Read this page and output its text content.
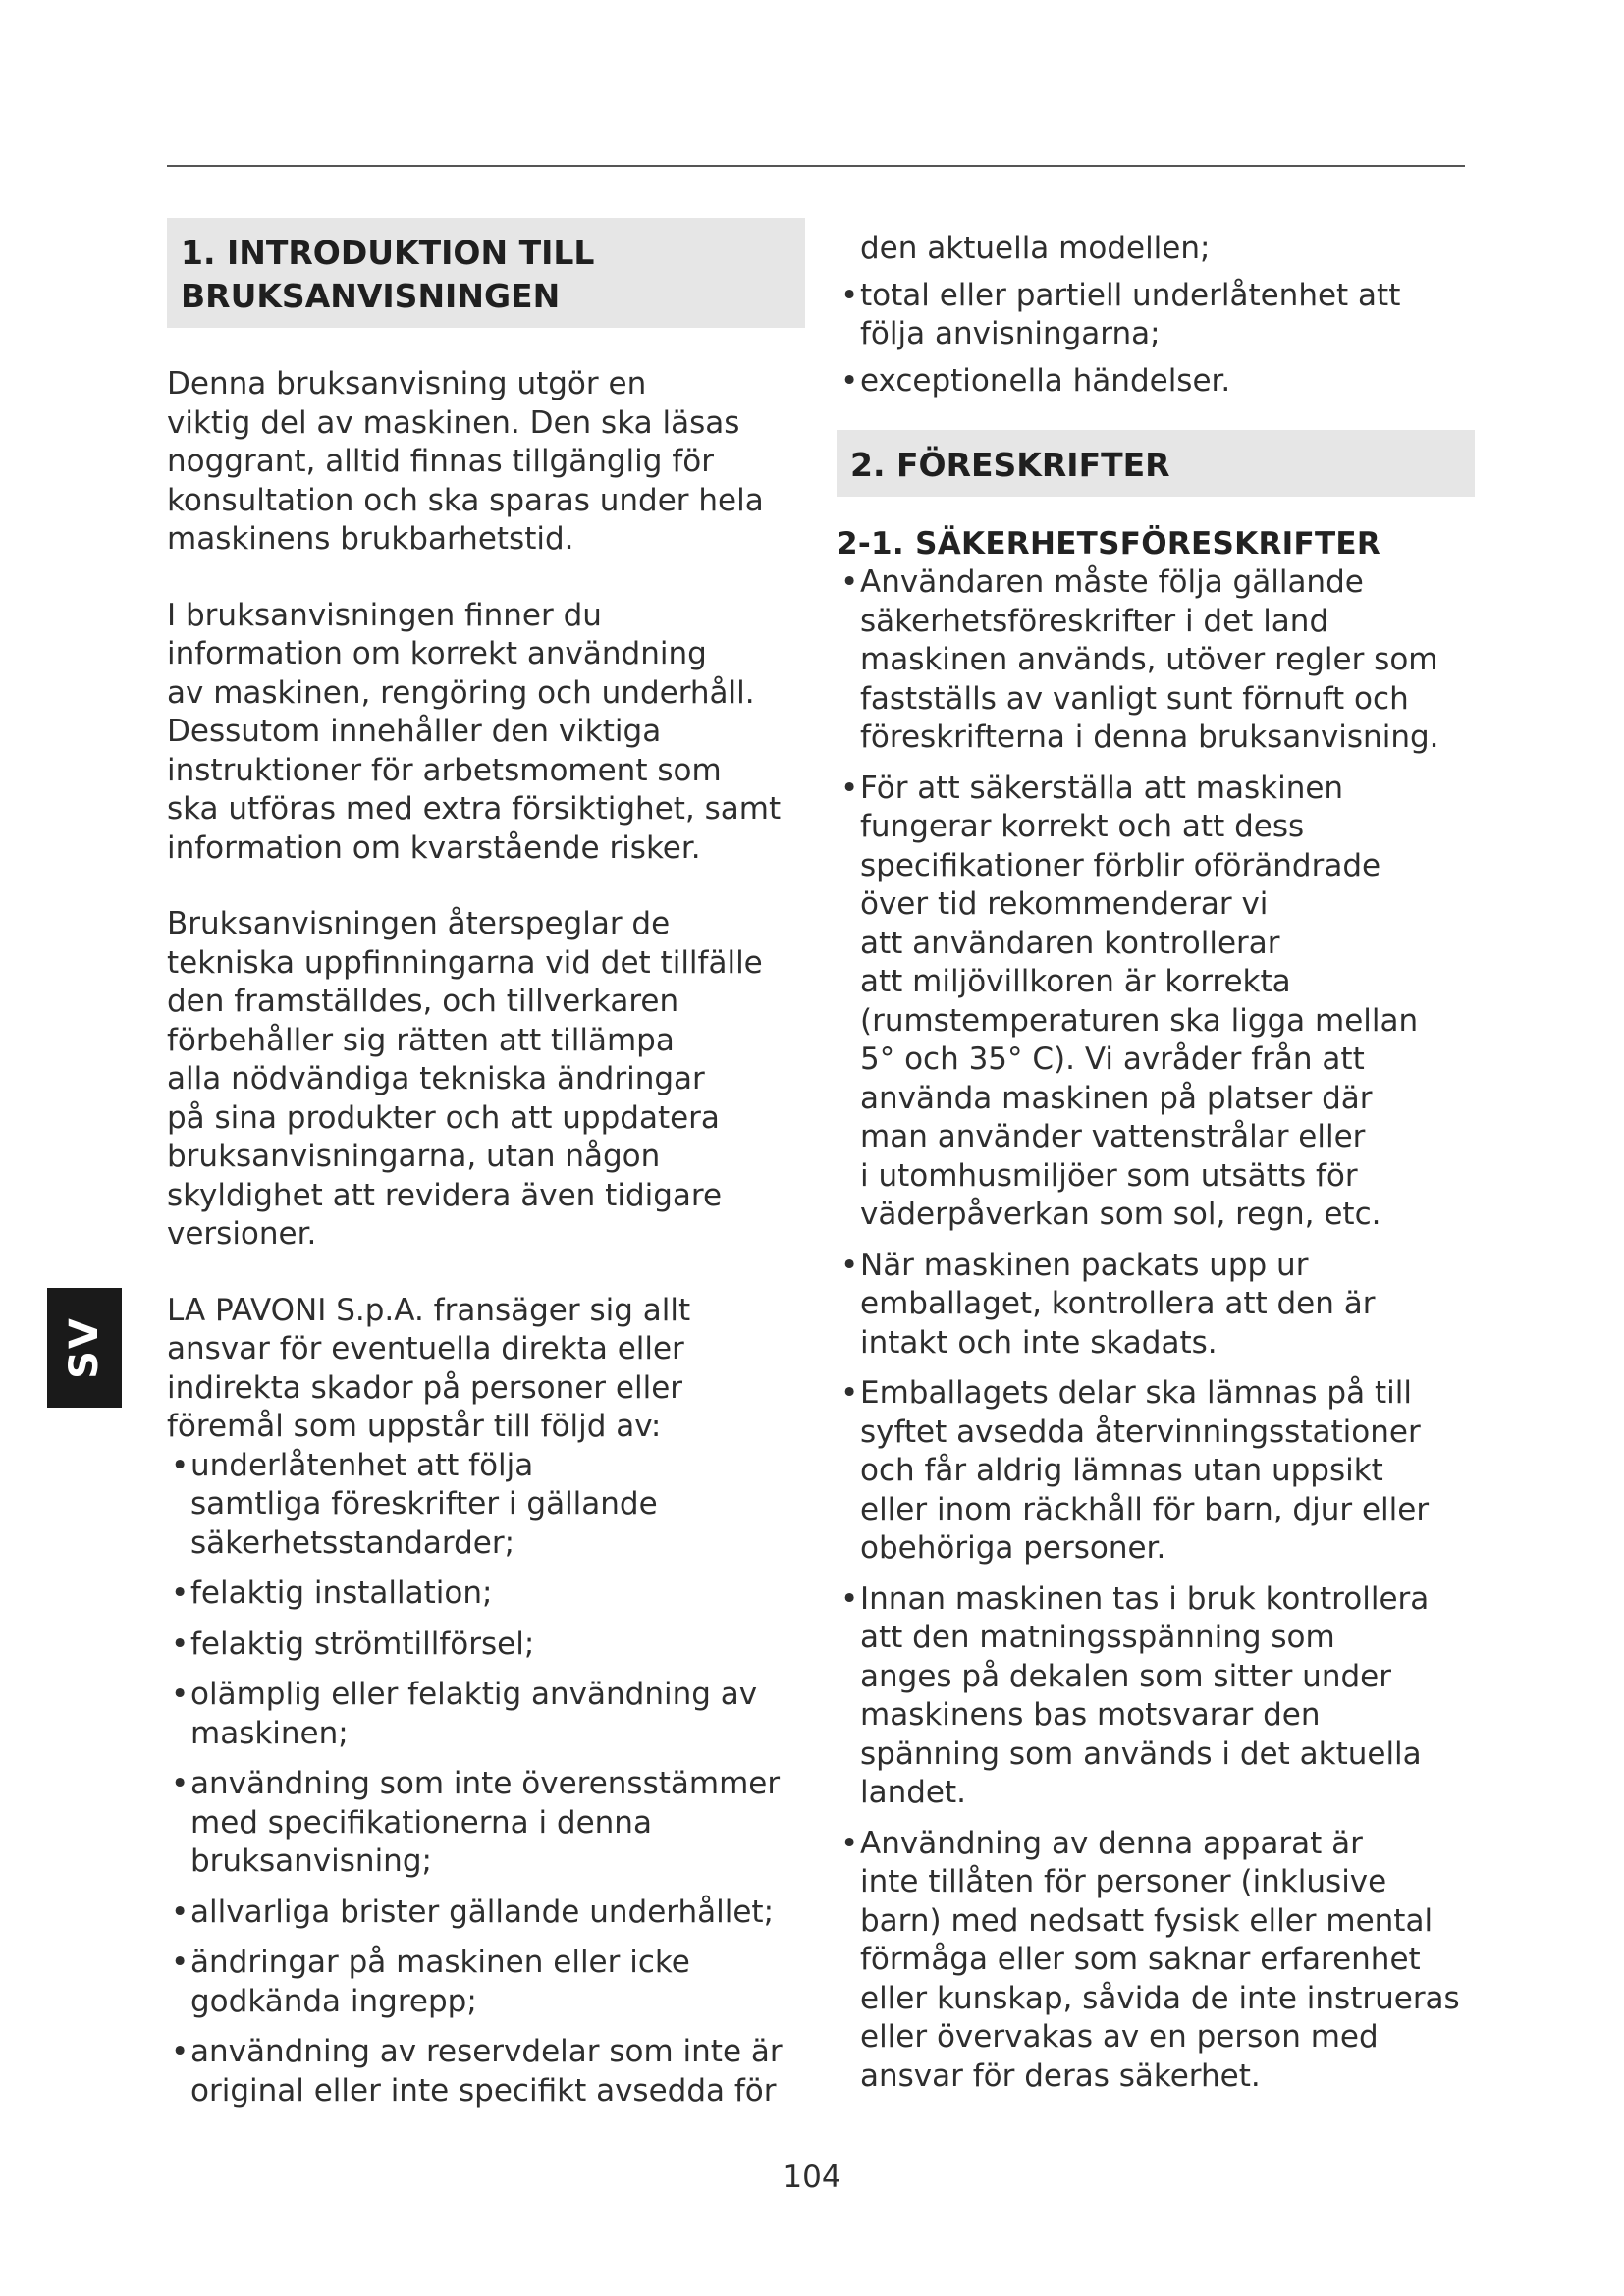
SV
1. INTRODUKTION TILL
BRUKSANVISNINGEN

Denna bruksanvisning utgör en
viktig del av maskinen. Den ska läsas
noggrant, alltid finnas tillgänglig för
konsultation och ska sparas under hela
maskinens brukbarhetstid.

I bruksanvisningen finner du
information om korrekt användning
av maskinen, rengöring och underhåll.
Dessutom innehåller den viktiga
instruktioner för arbetsmoment som
ska utföras med extra försiktighet, samt
information om kvarstående risker.

Bruksanvisningen återspeglar de
tekniska uppfinningarna vid det tillfälle
den framställdes, och tillverkaren
förbehåller sig rätten att tillämpa
alla nödvändiga tekniska ändringar
på sina produkter och att uppdatera
bruksanvisningarna, utan någon
skyldighet att revidera även tidigare
versioner.

LA PAVONI S.p.A. fransäger sig allt
ansvar för eventuella direkta eller
indirekta skador på personer eller
föremål som uppstår till följd av:

•underlåtenhet att följa
samtliga föreskrifter i gällande
säkerhetsstandarder;
•felaktig installation;
•felaktig strömtillförsel;
•olämplig eller felaktig användning av
maskinen;
•användning som inte överensstämmer
med specifikationerna i denna
bruksanvisning;
•allvarliga brister gällande underhållet;
•ändringar på maskinen eller icke
godkända ingrepp;
•användning av reservdelar som inte är
original eller inte specifikt avsedda för
den aktuella modellen;
•total eller partiell underlåtenhet att
följa anvisningarna;
•exceptionella händelser.
2. FÖRESKRIFTER

2-1. SÄKERHETSFÖRESKRIFTER

•Användaren måste följa gällande
säkerhetsföreskrifter i det land
maskinen används, utöver regler som
fastställs av vanligt sunt förnuft och
föreskrifterna i denna bruksanvisning.
•För att säkerställa att maskinen
fungerar korrekt och att dess
specifikationer förblir oförändrade
över tid rekommenderar vi
att användaren kontrollerar
att miljövillkoren är korrekta
(rumstemperaturen ska ligga mellan
5° och 35° C). Vi avråder från att
använda maskinen på platser där
man använder vattenstrålar eller
i utomhusmiljöer som utsätts för
väderpåverkan som sol, regn, etc.
•När maskinen packats upp ur
emballaget, kontrollera att den är
intakt och inte skadats.
•Emballagets delar ska lämnas på till
syftet avsedda återvinningsstationer
och får aldrig lämnas utan uppsikt
eller inom räckhåll för barn, djur eller
obehöriga personer.
•Innan maskinen tas i bruk kontrollera
att den matningsspänning som
anges på dekalen som sitter under
maskinens bas motsvarar den
spänning som används i det aktuella
landet.
•Användning av denna apparat är
inte tillåten för personer (inklusive
barn) med nedsatt fysisk eller mental
förmåga eller som saknar erfarenhet
eller kunskap, såvida de inte instrueras
eller övervakas av en person med
ansvar för deras säkerhet.
104
